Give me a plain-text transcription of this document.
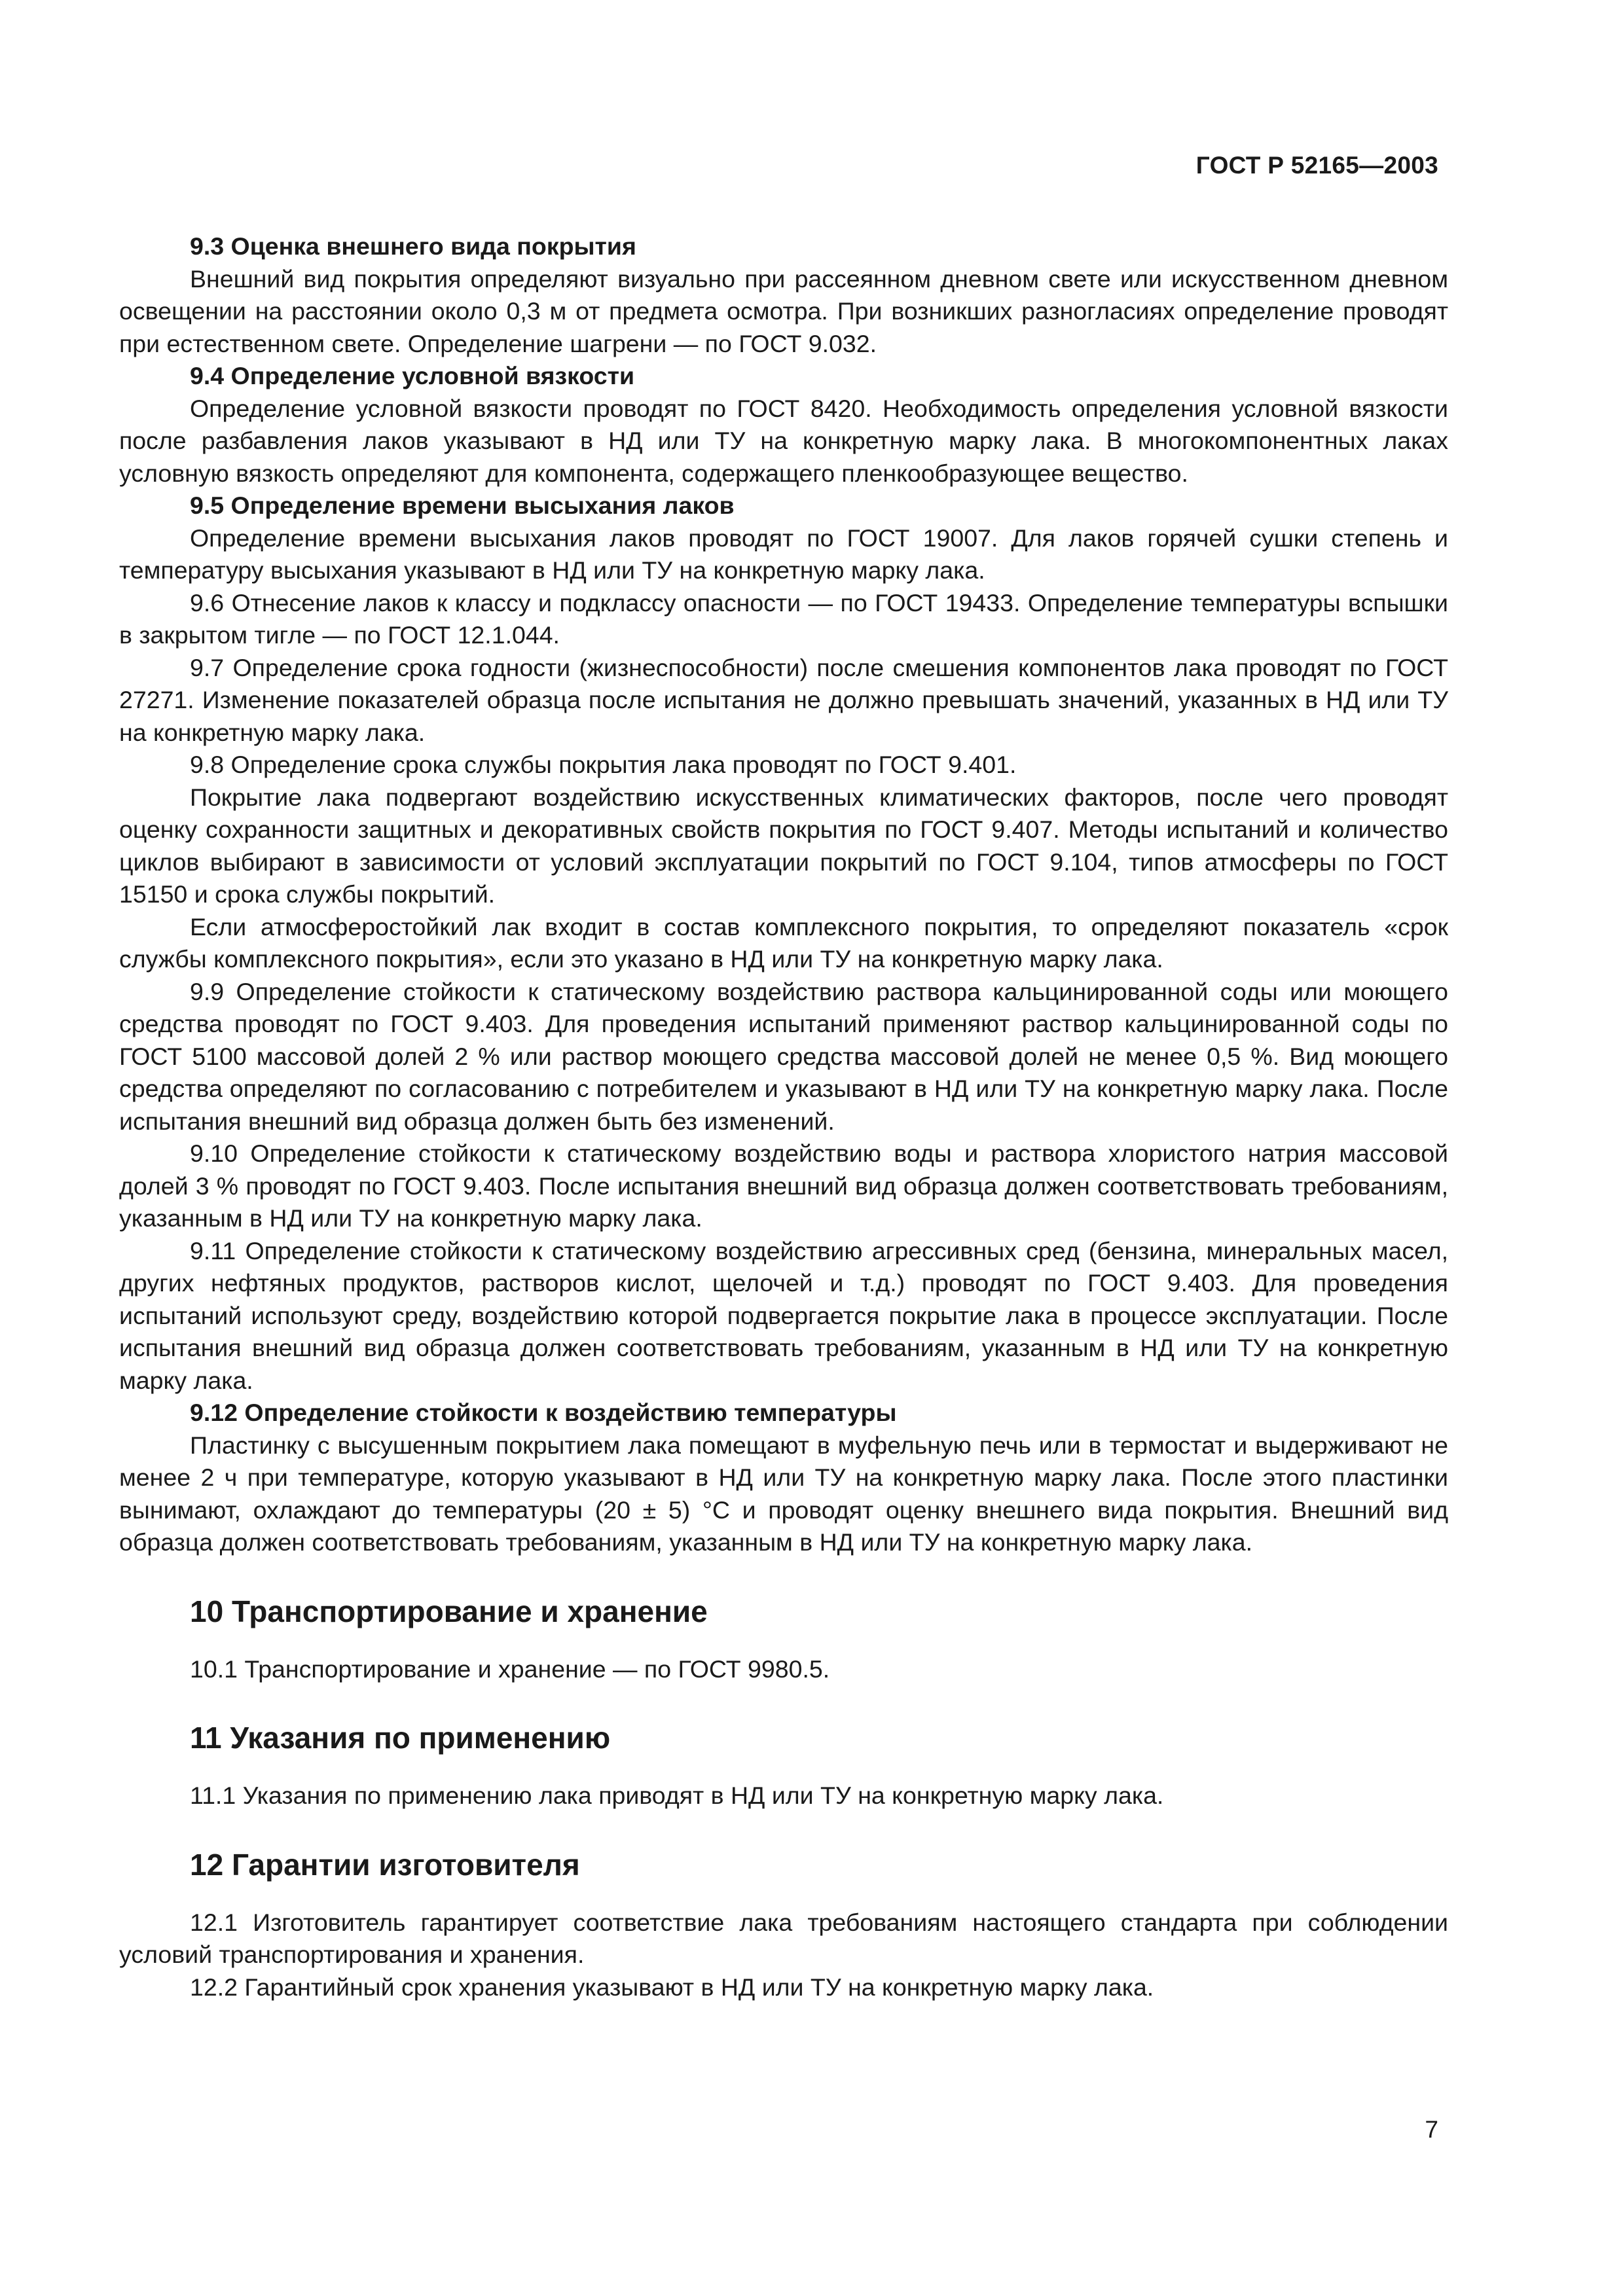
ГОСТ Р 52165—2003

9.3 Оценка внешнего вида покрытия

Внешний вид покрытия определяют визуально при рассеянном дневном свете или искусственном дневном освещении на расстоянии около 0,3 м от предмета осмотра. При возникших разногласиях определение проводят при естественном свете. Определение шагрени — по ГОСТ 9.032.

9.4 Определение условной вязкости

Определение условной вязкости проводят по ГОСТ 8420. Необходимость определения условной вязкости после разбавления лаков указывают в НД или ТУ на конкретную марку лака. В многокомпонентных лаках условную вязкость определяют для компонента, содержащего пленкообразующее вещество.

9.5 Определение времени высыхания лаков

Определение времени высыхания лаков проводят по ГОСТ 19007. Для лаков горячей сушки степень и температуру высыхания указывают в НД или ТУ на конкретную марку лака.

9.6 Отнесение лаков к классу и подклассу опасности — по ГОСТ 19433. Определение температуры вспышки в закрытом тигле — по ГОСТ 12.1.044.

9.7 Определение срока годности (жизнеспособности) после смешения компонентов лака проводят по ГОСТ 27271. Изменение показателей образца после испытания не должно превышать значений, указанных в НД или ТУ на конкретную марку лака.

9.8 Определение срока службы покрытия лака проводят по ГОСТ 9.401.

Покрытие лака подвергают воздействию искусственных климатических факторов, после чего проводят оценку сохранности защитных и декоративных свойств покрытия по ГОСТ 9.407. Методы испытаний и количество циклов выбирают в зависимости от условий эксплуатации покрытий по ГОСТ 9.104, типов атмосферы по ГОСТ 15150 и срока службы покрытий.

Если атмосферостойкий лак входит в состав комплексного покрытия, то определяют показатель «срок службы комплексного покрытия», если это указано в НД или ТУ на конкретную марку лака.

9.9 Определение стойкости к статическому воздействию раствора кальцинированной соды или моющего средства проводят по ГОСТ 9.403. Для проведения испытаний применяют раствор кальцинированной соды по ГОСТ 5100 массовой долей 2 % или раствор моющего средства массовой долей не менее 0,5 %. Вид моющего средства определяют по согласованию с потребителем и указывают в НД или ТУ на конкретную марку лака. После испытания внешний вид образца должен быть без изменений.

9.10 Определение стойкости к статическому воздействию воды и раствора хлористого натрия массовой долей 3 % проводят по ГОСТ 9.403. После испытания внешний вид образца должен соответствовать требованиям, указанным в НД или ТУ на конкретную марку лака.

9.11 Определение стойкости к статическому воздействию агрессивных сред (бензина, минеральных масел, других нефтяных продуктов, растворов кислот, щелочей и т.д.) проводят по ГОСТ 9.403. Для проведения испытаний используют среду, воздействию которой подвергается покрытие лака в процессе эксплуатации. После испытания внешний вид образца должен соответствовать требованиям, указанным в НД или ТУ на конкретную марку лака.

9.12 Определение стойкости к воздействию температуры

Пластинку с высушенным покрытием лака помещают в муфельную печь или в термостат и выдерживают не менее 2 ч при температуре, которую указывают в НД или ТУ на конкретную марку лака. После этого пластинки вынимают, охлаждают до температуры (20 ± 5) °С и проводят оценку внешнего вида покрытия. Внешний вид образца должен соответствовать требованиям, указанным в НД или ТУ на конкретную марку лака.

10 Транспортирование и хранение

10.1 Транспортирование и хранение — по ГОСТ 9980.5.

11 Указания по применению

11.1 Указания по применению лака приводят в НД или ТУ на конкретную марку лака.

12 Гарантии изготовителя

12.1 Изготовитель гарантирует соответствие лака требованиям настоящего стандарта при соблюдении условий транспортирования и хранения.

12.2 Гарантийный срок хранения указывают в НД или ТУ на конкретную марку лака.

7
